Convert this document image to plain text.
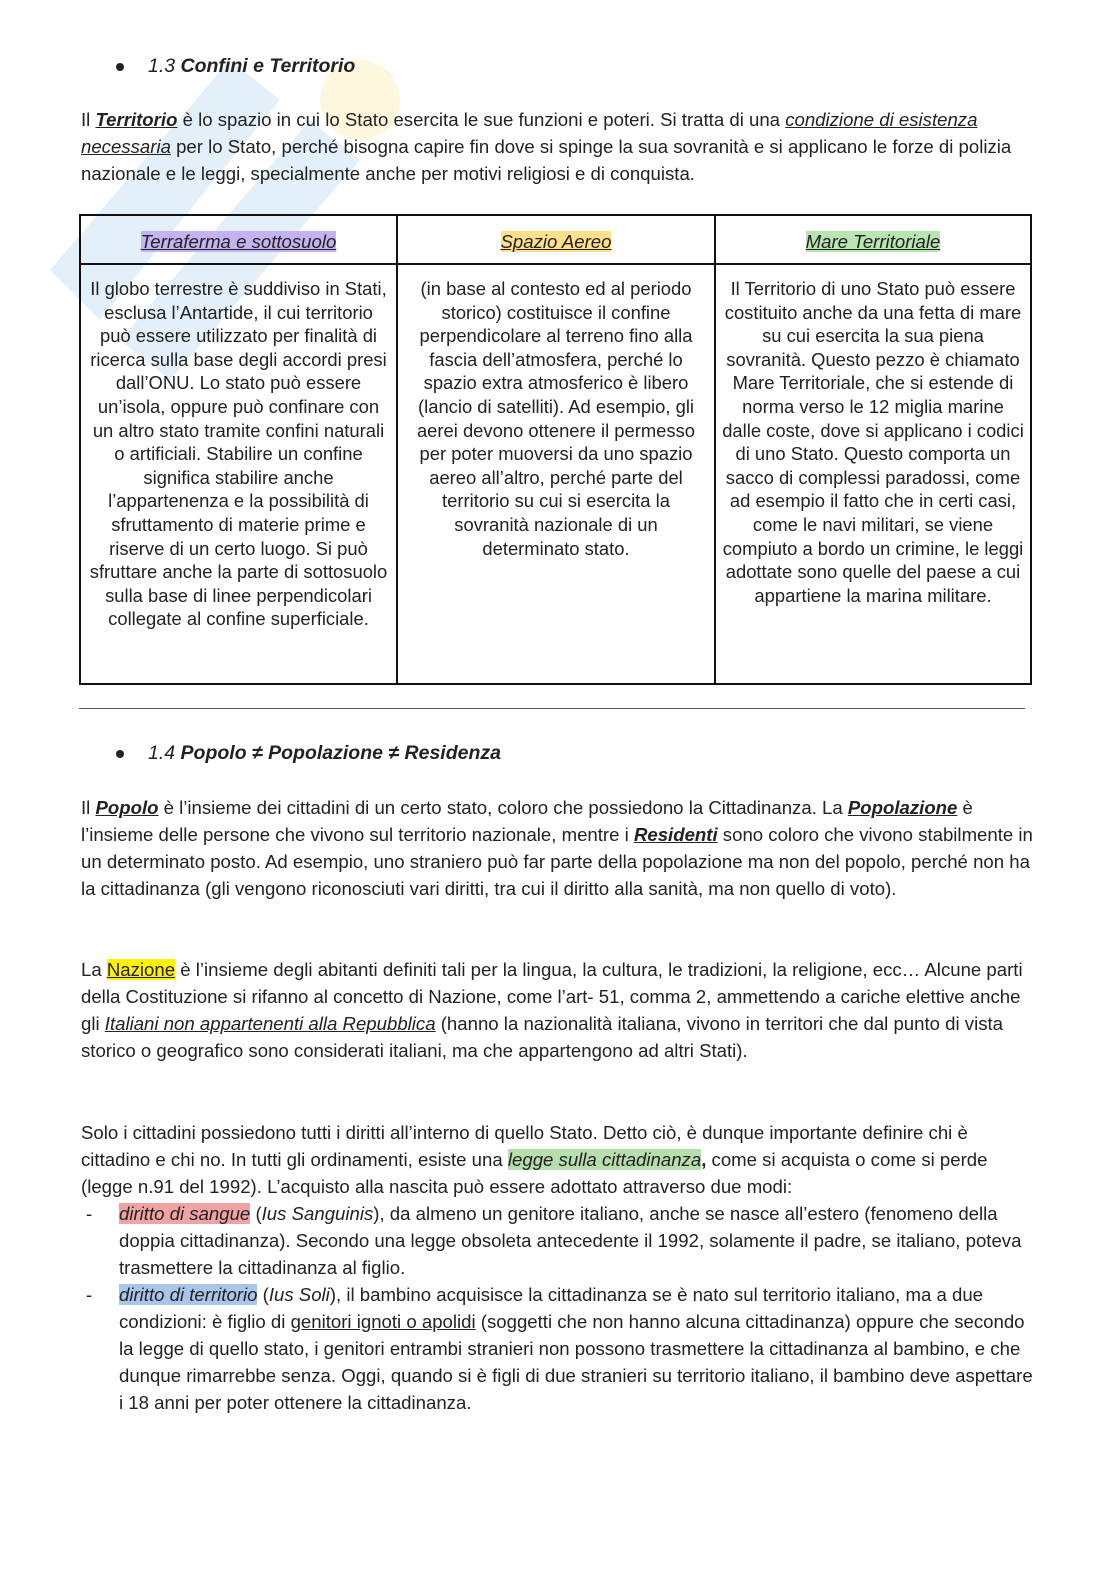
1.3 Confini e Territorio

Il Territorio è lo spazio in cui lo Stato esercita le sue funzioni e poteri. Si tratta di una condizione di esistenza necessaria per lo Stato, perché bisogna capire fin dove si spinge la sua sovranità e si applicano le forze di polizia nazionale e le leggi, specialmente anche per motivi religiosi e di conquista.

Terraferma e sottosuolo	Spazio Aereo	Mare Territoriale
Il globo terrestre è suddiviso in Stati, esclusa l’Antartide, il cui territorio può essere utilizzato per finalità di ricerca sulla base degli accordi presi dall’ONU. Lo stato può essere un’isola, oppure può confinare con un altro stato tramite confini naturali o artificiali. Stabilire un confine significa stabilire anche l’appartenenza e la possibilità di sfruttamento di materie prime e riserve di un certo luogo. Si può sfruttare anche la parte di sottosuolo sulla base di linee perpendicolari collegate al confine superficiale.
(in base al contesto ed al periodo storico) costituisce il confine perpendicolare al terreno fino alla fascia dell’atmosfera, perché lo spazio extra atmosferico è libero (lancio di satelliti). Ad esempio, gli aerei devono ottenere il permesso per poter muoversi da uno spazio aereo all’altro, perché parte del territorio su cui si esercita la sovranità nazionale di un determinato stato.
Il Territorio di uno Stato può essere costituito anche da una fetta di mare su cui esercita la sua piena sovranità. Questo pezzo è chiamato Mare Territoriale, che si estende di norma verso le 12 miglia marine dalle coste, dove si applicano i codici di uno Stato. Questo comporta un sacco di complessi paradossi, come ad esempio il fatto che in certi casi, come le navi militari, se viene compiuto a bordo un crimine, le leggi adottate sono quelle del paese a cui appartiene la marina militare.
1.4 Popolo ≠ Popolazione ≠ Residenza

Il Popolo è l’insieme dei cittadini di un certo stato, coloro che possiedono la Cittadinanza. La Popolazione è l’insieme delle persone che vivono sul territorio nazionale, mentre i Residenti sono coloro che vivono stabilmente in un determinato posto. Ad esempio, uno straniero può far parte della popolazione ma non del popolo, perché non ha la cittadinanza (gli vengono riconosciuti vari diritti, tra cui il diritto alla sanità, ma non quello di voto).

La Nazione è l’insieme degli abitanti definiti tali per la lingua, la cultura, le tradizioni, la religione, ecc… Alcune parti della Costituzione si rifanno al concetto di Nazione, come l’art- 51, comma 2, ammettendo a cariche elettive anche gli Italiani non appartenenti alla Repubblica (hanno la nazionalità italiana, vivono in territori che dal punto di vista storico o geografico sono considerati italiani, ma che appartengono ad altri Stati).

Solo i cittadini possiedono tutti i diritti all’interno di quello Stato. Detto ciò, è dunque importante definire chi è cittadino e chi no. In tutti gli ordinamenti, esiste una legge sulla cittadinanza, come si acquista o come si perde (legge n.91 del 1992). L’acquisto alla nascita può essere adottato attraverso due modi:

- diritto di sangue (Ius Sanguinis), da almeno un genitore italiano, anche se nasce all’estero (fenomeno della doppia cittadinanza). Secondo una legge obsoleta antecedente il 1992, solamente il padre, se italiano, poteva trasmettere la cittadinanza al figlio.
- diritto di territorio (Ius Soli), il bambino acquisisce la cittadinanza se è nato sul territorio italiano, ma a due condizioni: è figlio di genitori ignoti o apolidi (soggetti che non hanno alcuna cittadinanza) oppure che secondo la legge di quello stato, i genitori entrambi stranieri non possono trasmettere la cittadinanza al bambino, e che dunque rimarrebbe senza. Oggi, quando si è figli di due stranieri su territorio italiano, il bambino deve aspettare i 18 anni per poter ottenere la cittadinanza.
